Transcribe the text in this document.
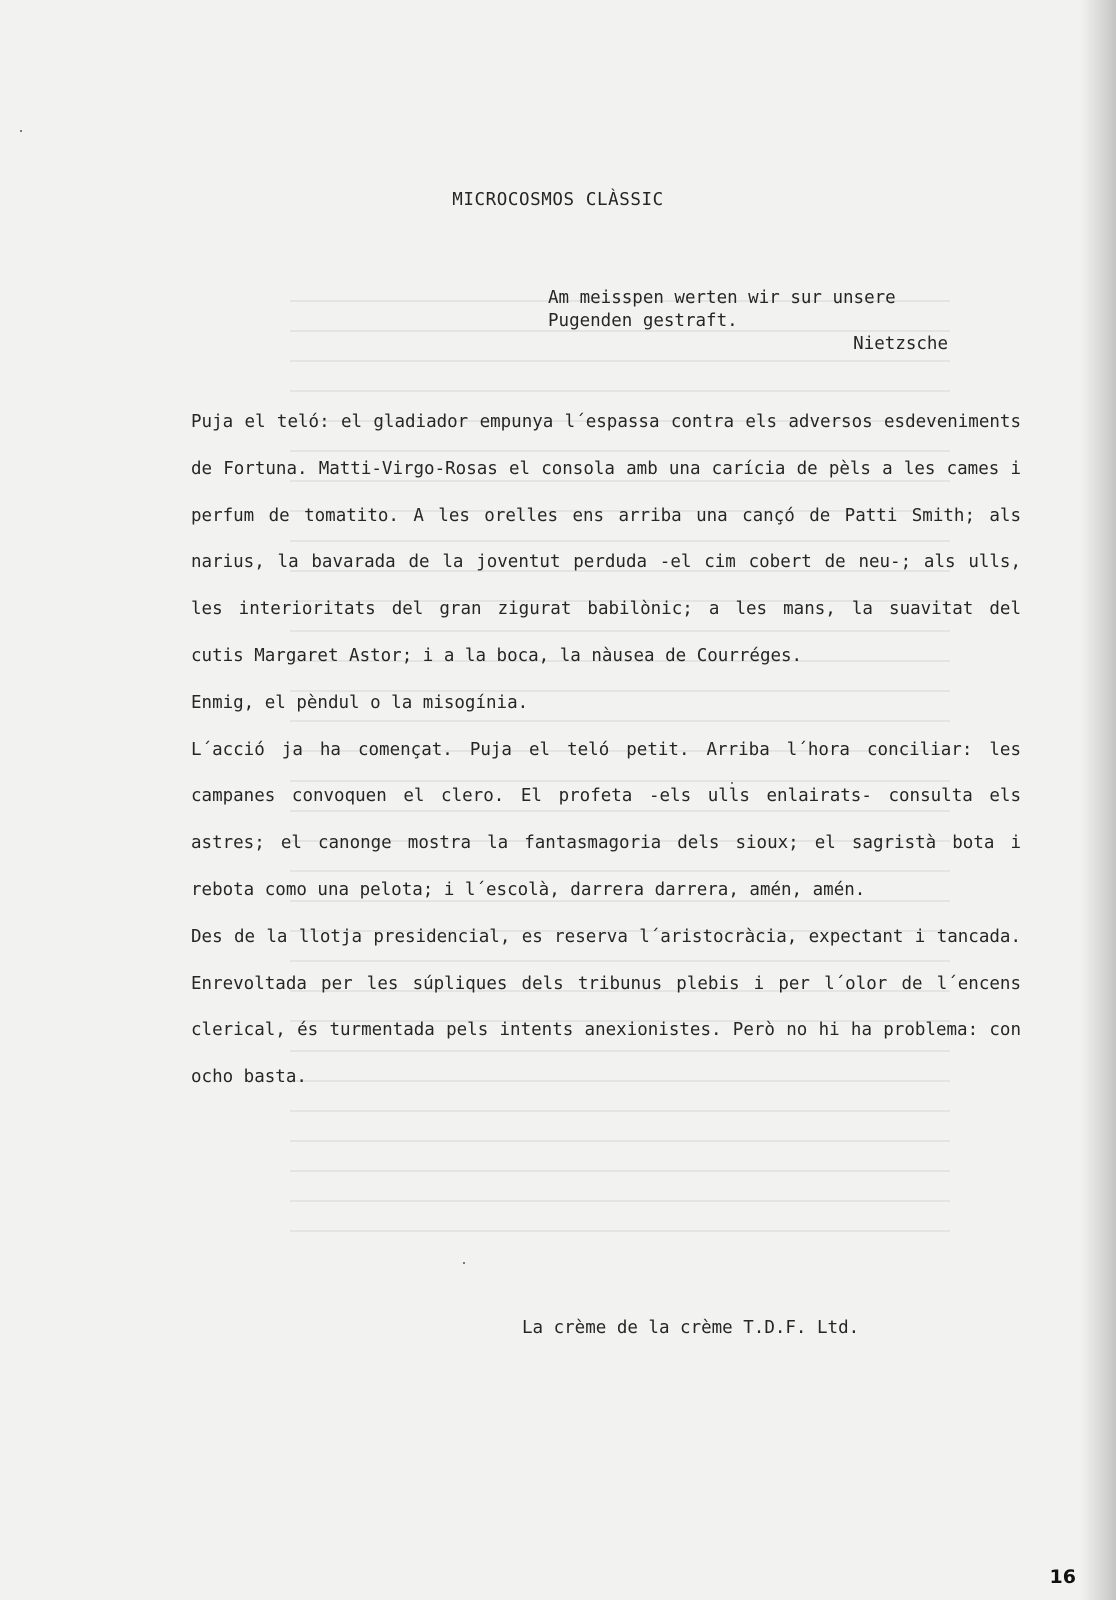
MICROCOSMOS CLÀSSIC
Am meisspen werten wir sur unsere
Pugenden gestraft.
Nietzsche

Puja el teló: el gladiador empunya l´espassa contra els adversos esdeveniments de Fortuna. Matti-Virgo-Rosas el consola amb una carícia de pèls a les cames i perfum de tomatito. A les orelles ens arriba una cançó de Patti Smith; als narius, la bavarada de la joventut perduda -el cim cobert de neu-; als ulls, les interioritats del gran zigurat babilònic; a les mans, la suavitat del cutis Margaret Astor; i a la boca, la nàusea de Courréges.

Enmig, el pèndul o la misogínia.

L´acció ja ha començat. Puja el teló petit. Arriba l´hora conciliar: les campanes convoquen el clero. El profeta -els ulls enlairats- consulta els astres; el canonge mostra la fantasmagoria dels sioux; el sagristà bota i rebota como una pelota; i l´escolà, darrera darrera, amén, amén.

Des de la llotja presidencial, es reserva l´aristocràcia, expectant i tancada. Enrevoltada per les súpliques dels tribunus plebis i per l´olor de l´encens clerical, és turmentada pels intents anexionistes. Però no hi ha problema: con ocho basta.

La crème de la crème T.D.F. Ltd.
16
